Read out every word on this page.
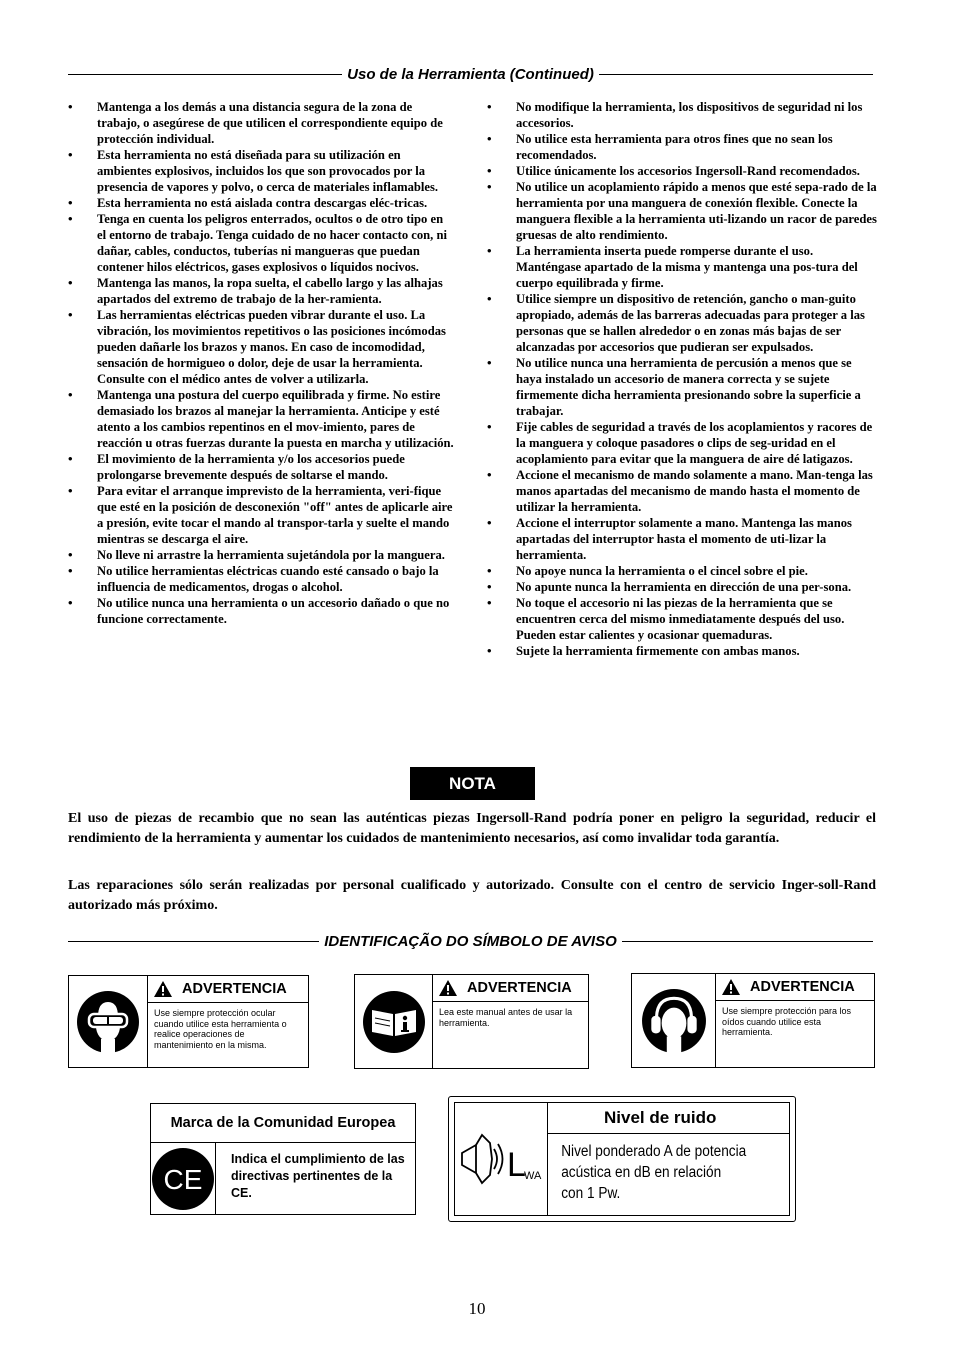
Uso de la Herramienta (Continued)
• Mantenga a los demás a una distancia segura de la zona de trabajo, o asegúrese de que utilicen el correspondiente equipo de protección individual.
• Esta herramienta no está diseñada para su utilización en ambientes explosivos, incluidos los que son provocados por la presencia de vapores y polvo, o cerca de materiales inflamables.
• Esta herramienta no está aislada contra descargas eléc-tricas.
• Tenga en cuenta los peligros enterrados, ocultos o de otro tipo en el entorno de trabajo. Tenga cuidado de no hacer contacto con, ni dañar, cables, conductos, tuberías ni mangueras que puedan contener hilos eléctricos, gases explosivos o líquidos nocivos.
• Mantenga las manos, la ropa suelta, el cabello largo y las alhajas apartados del extremo de trabajo de la her-ramienta.
• Las herramientas eléctricas pueden vibrar durante el uso. La vibración, los movimientos repetitivos o las posiciones incómodas pueden dañarle los brazos y manos. En caso de incomodidad, sensación de hormigueo o dolor, deje de usar la herramienta. Consulte con el médico antes de volver a utilizarla.
• Mantenga una postura del cuerpo equilibrada y firme. No estire demasiado los brazos al manejar la herramienta. Anticipe y esté atento a los cambios repentinos en el mov-imiento, pares de reacción u otras fuerzas durante la puesta en marcha y utilización.
• El movimiento de la herramienta y/o los accesorios puede prolongarse brevemente después de soltarse el mando.
• Para evitar el arranque imprevisto de la herramienta, veri-fique que esté en la posición de desconexión "off" antes de aplicarle aire a presión, evite tocar el mando al transpor-tarla y suelte el mando mientras se descarga el aire.
• No lleve ni arrastre la herramienta sujetándola por la manguera.
• No utilice herramientas eléctricas cuando esté cansado o bajo la influencia de medicamentos, drogas o alcohol.
• No utilice nunca una herramienta o un accesorio dañado o que no funcione correctamente.
• No modifique la herramienta, los dispositivos de seguridad ni los accesorios.
• No utilice esta herramienta para otros fines que no sean los recomendados.
• Utilice únicamente los accesorios Ingersoll-Rand recomendados.
• No utilice un acoplamiento rápido a menos que esté sepa-rado de la herramienta por una manguera de conexión flexible. Conecte la manguera flexible a la herramienta uti-lizando un racor de paredes gruesas de alto rendimiento.
• La herramienta inserta puede romperse durante el uso. Manténgase apartado de la misma y mantenga una pos-tura del cuerpo equilibrada y firme.
• Utilice siempre un dispositivo de retención, gancho o man-guito apropiado, además de las barreras adecuadas para proteger a las personas que se hallen alrededor o en zonas más bajas de ser alcanzadas por accesorios que pudieran ser expulsados.
• No utilice nunca una herramienta de percusión a menos que se haya instalado un accesorio de manera correcta y se sujete firmemente dicha herramienta presionando sobre la superficie a trabajar.
• Fije cables de seguridad a través de los acoplamientos y racores de la manguera y coloque pasadores o clips de seg-uridad en el acoplamiento para evitar que la manguera de aire dé latigazos.
• Accione el mecanismo de mando solamente a mano. Man-tenga las manos apartadas del mecanismo de mando hasta el momento de utilizar la herramienta.
• Accione el interruptor solamente a mano. Mantenga las manos apartadas del interruptor hasta el momento de uti-lizar la herramienta.
• No apoye nunca la herramienta o el cincel sobre el pie.
• No apunte nunca la herramienta en dirección de una per-sona.
• No toque el accesorio ni las piezas de la herramienta que se encuentren cerca del mismo inmediatamente después del uso. Pueden estar calientes y ocasionar quemaduras.
• Sujete la herramienta firmemente con ambas manos.
NOTA

El uso de piezas de recambio que no sean las auténticas piezas Ingersoll-Rand podría poner en peligro la seguridad, reducir el rendimiento de la herramienta y aumentar los cuidados de mantenimiento necesarios, así como invalidar toda garantía.

Las reparaciones sólo serán realizadas por personal cualificado y autorizado. Consulte con el centro de servicio Inger-soll-Rand autorizado más próximo.

IDENTIFICAÇÃO DO SÍMBOLO DE AVISO
ADVERTENCIA
Use siempre protección ocular cuando utilice esta herramienta o realice operaciones de mantenimiento en la misma.
ADVERTENCIA
Lea este manual antes de usar la herramienta.
ADVERTENCIA
Use siempre protección para los oídos cuando utilice esta herramienta.
Marca de la Comunidad Europea
CE
Indica el cumplimiento de las directivas pertinentes de la CE.
L
WA
Nivel de ruido
Nivel ponderado A de potencia
acústica en dB en relación
con 1 Pw.
10
